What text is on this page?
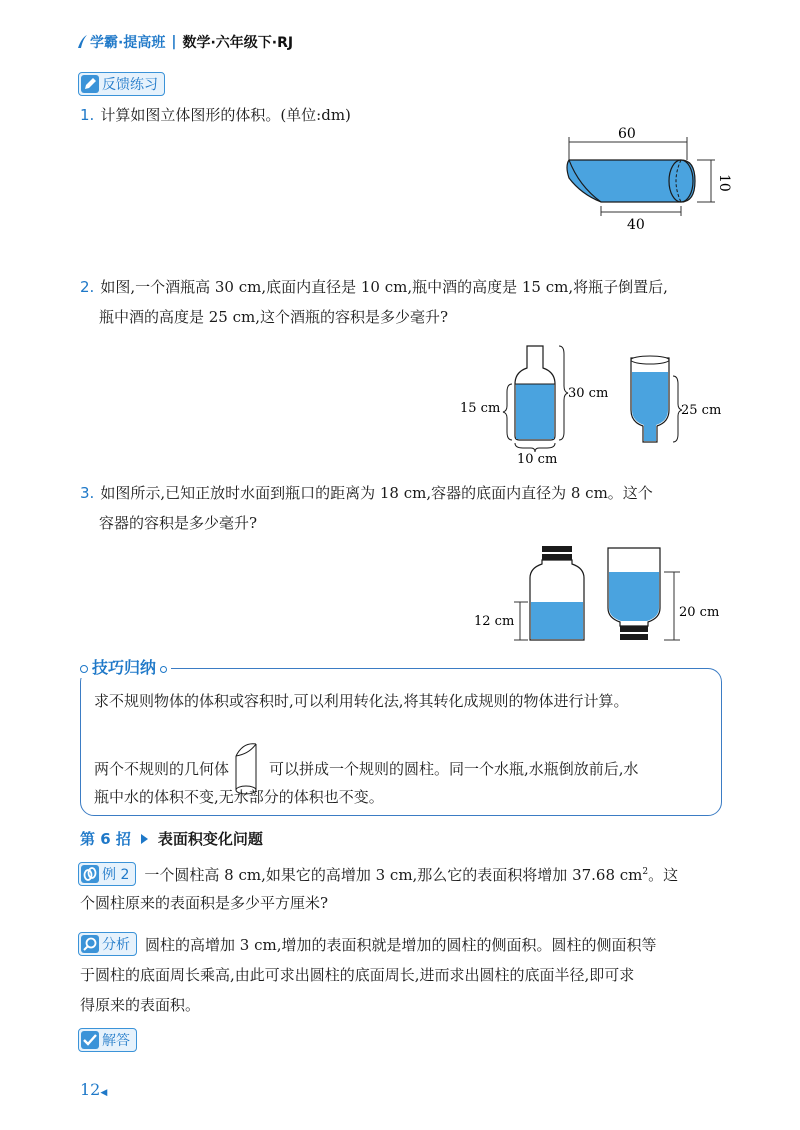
学霸·提高班 | 数学·六年级下·RJ
反馈练习
1. 计算如图立体图形的体积。(单位:dm)
60
40
10
2. 如图,一个酒瓶高 30 cm,底面内直径是 10 cm,瓶中酒的高度是 15 cm,将瓶子倒置后,
瓶中酒的高度是 25 cm,这个酒瓶的容积是多少毫升?
15 cm
30 cm
10 cm
25 cm
3. 如图所示,已知正放时水面到瓶口的距离为 18 cm,容器的底面内直径为 8 cm。这个
容器的容积是多少毫升?
12 cm
20 cm
技巧归纳
求不规则物体的体积或容积时,可以利用转化法,将其转化成规则的物体进行计算。
两个不规则的几何体	可以拼成一个规则的圆柱。同一个水瓶,水瓶倒放前后,水
瓶中水的体积不变,无水部分的体积也不变。
第 6 招 表面积变化问题
例 2 一个圆柱高 8 cm,如果它的高增加 3 cm,那么它的表面积将增加 37.68 $cm^2$。这
个圆柱原来的表面积是多少平方厘米?
分析 圆柱的高增加 3 cm,增加的表面积就是增加的圆柱的侧面积。圆柱的侧面积等
于圆柱的底面周长乘高,由此可求出圆柱的底面周长,进而求出圆柱的底面半径,即可求
得原来的表面积。
解答
12◀
